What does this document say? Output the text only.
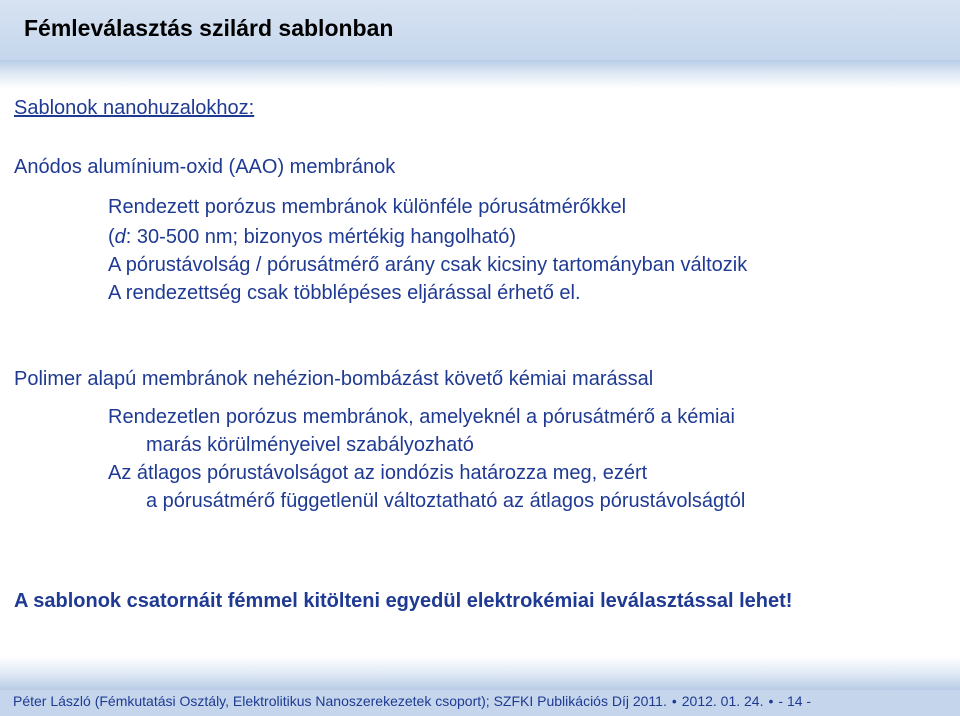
Fémleválasztás szilárd sablonban
Sablonok nanohuzalokhoz:
Anódos alumínium-oxid (AAO) membránok
Rendezett porózus membránok különféle pórusátmérőkkel
(d: 30-500 nm; bizonyos mértékig hangolható)
A pórustávolság / pórusátmérő arány csak kicsiny tartományban változik
A rendezettség csak többlépéses eljárással érhető el.
Polimer alapú membránok nehézion-bombázást követő kémiai marással
Rendezetlen porózus membránok, amelyeknél a pórusátmérő a kémiai
marás körülményeivel szabályozható
Az átlagos pórustávolságot az iondózis határozza meg, ezért
a pórusátmérő függetlenül változtatható az átlagos pórustávolságtól
A sablonok csatornáit fémmel kitölteni egyedül elektrokémiai leválasztással lehet!
Péter László (Fémkutatási Osztály, Elektrolitikus Nanoszerekezetek csoport); SZFKI Publikációs Díj 2011. • 2012. 01. 24. • - 14 -
